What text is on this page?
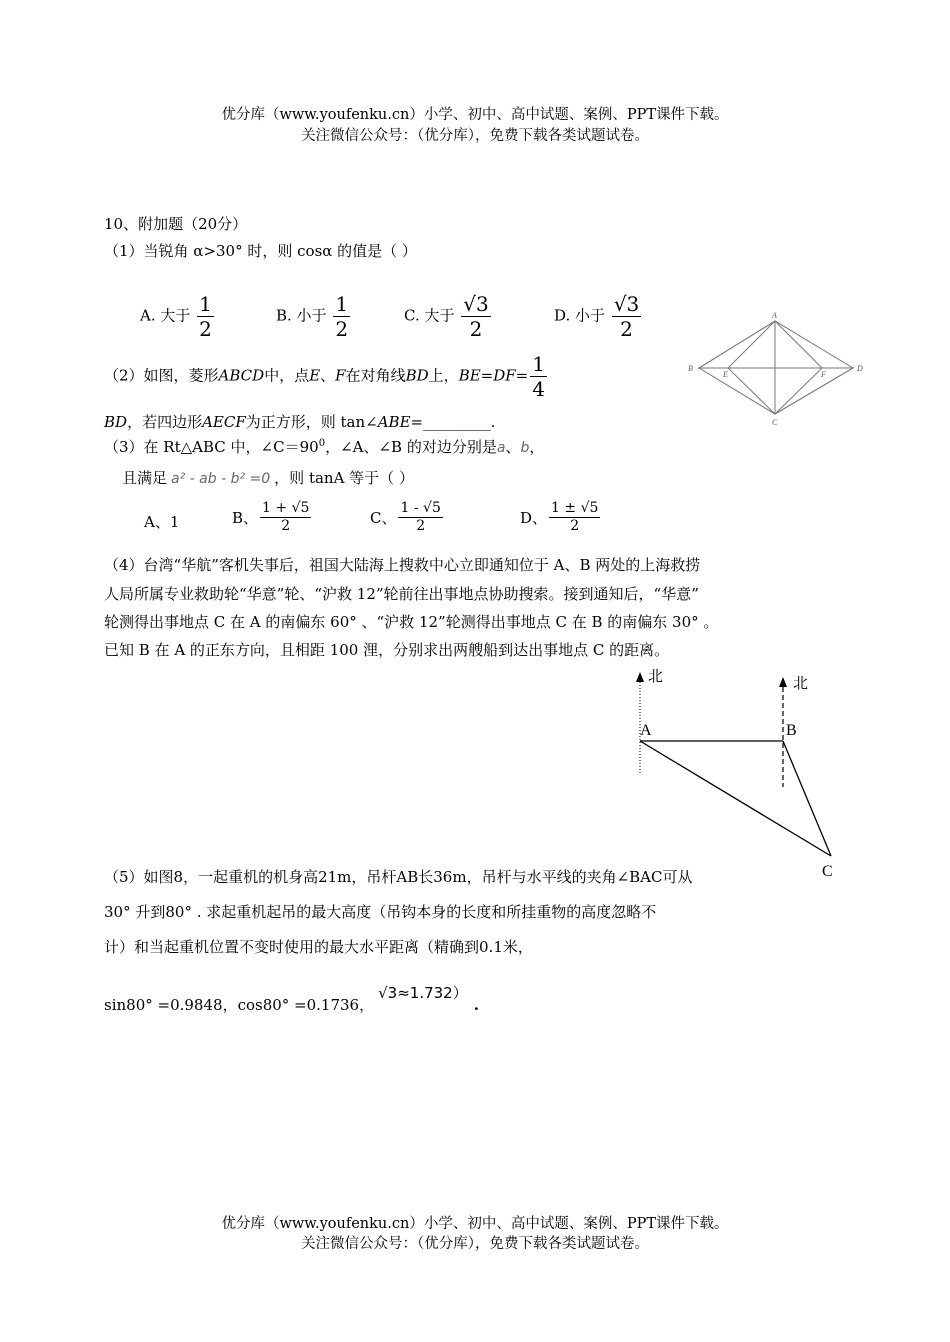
优分库（www.youfenku.cn）小学、初中、高中试题、案例、PPT课件下载。
关注微信公众号：（优分库），免费下载各类试题试卷。
10、附加题（20分）
（1）当锐角 α>30° 时，则 cosα 的值是（ ）
A. 大于 $\frac{1}{2}$	B. 小于 $\frac{1}{2}$	C. 大于 $\frac{√3}{2}$	D. 小于 $\frac{√3}{2}$	A
B
C
D
E	F
（2）如图，菱形ABCD中，点E、F在对角线BD上，$BE=DF= \frac{1}{4}$
BD，若四边形AECF为正方形，则 tan∠ABE=_________.
（3）在 Rt△ABC 中，$\angle C=90^0$，∠A、∠B 的对边分别是a、b，
且满足 a² - ab - b² =0 ，则 tanA 等于（ ）
A、1	B、 $\frac{1 + √5}{2}$	C、 $\frac{1 - √5}{2}$	D、 $\frac{1 \pm √5}{2}$
（4）台湾“华航”客机失事后，祖国大陆海上搜救中心立即通知位于 A、B 两处的上海救捞
人局所属专业救助轮“华意”轮、“沪救 12”轮前往出事地点协助搜索。接到通知后，“华意”
轮测得出事地点 C 在 A 的南偏东 60° 、“沪救 12”轮测得出事地点 C 在 B 的南偏东 30° 。
已知 B 在 A 的正东方向，且相距 100 浬，分别求出两艘船到达出事地点 C 的距离。
北	北
A	B
C
（5）如图8，一起重机的机身高21m，吊杆AB长36m，吊杆与水平线的夹角∠BAC可从
30° 升到80° . 求起重机起吊的最大高度（吊钩本身的长度和所挂重物的高度忽略不
计）和当起重机位置不变时使用的最大水平距离（精确到0.1米，
sin80° =0.9848，cos80° =0.1736，√3≈1.732）.
优分库（www.youfenku.cn）小学、初中、高中试题、案例、PPT课件下载。
关注微信公众号：（优分库），免费下载各类试题试卷。
